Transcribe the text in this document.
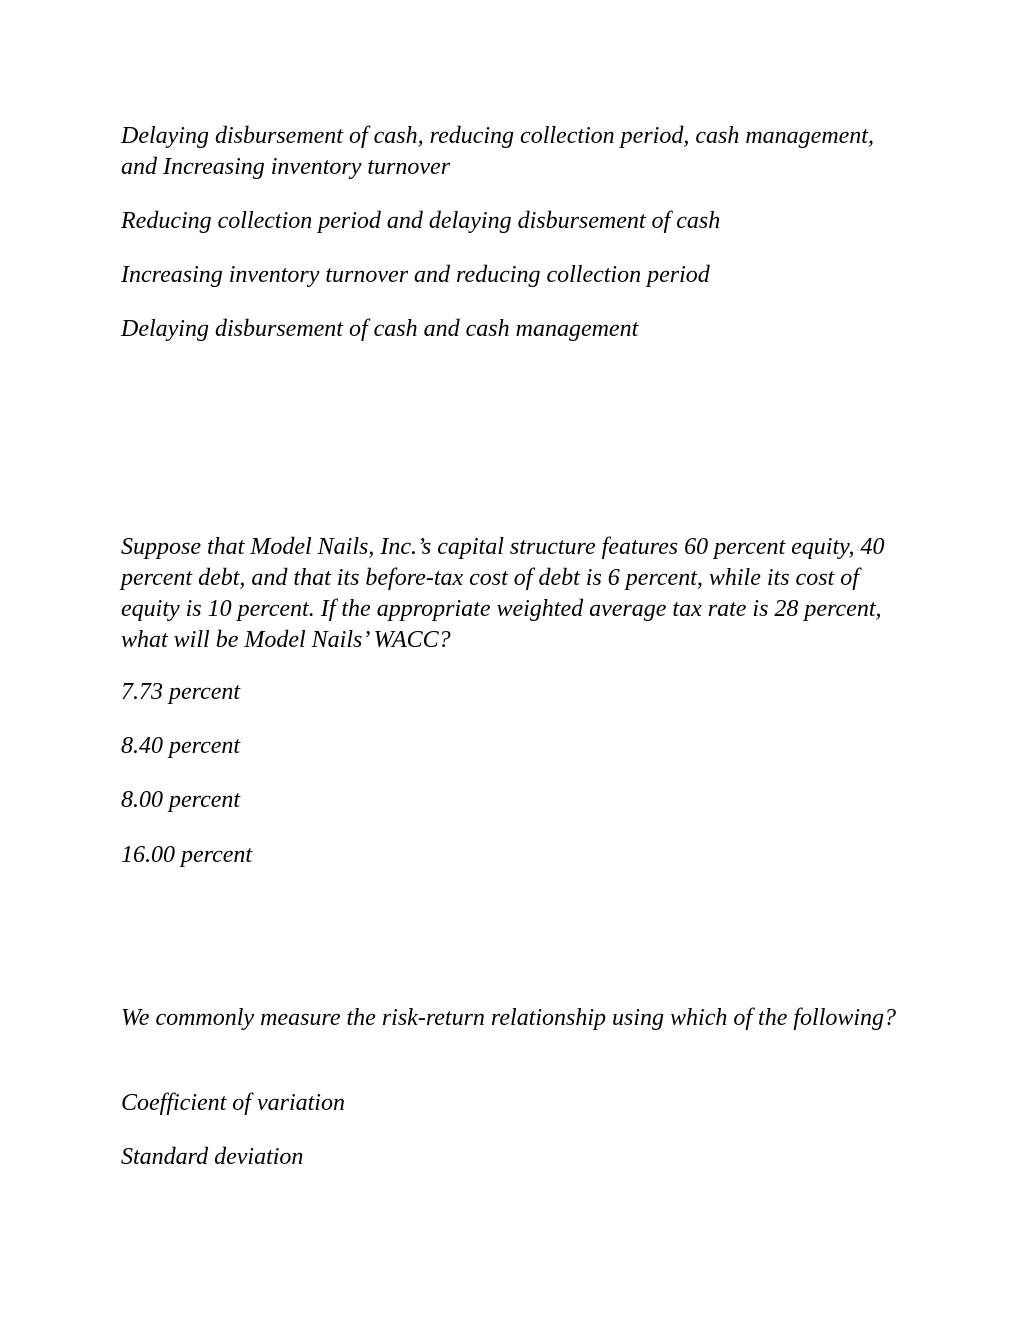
Delaying disbursement of cash, reducing collection period, cash management, and Increasing inventory turnover

Reducing collection period and delaying disbursement of cash

Increasing inventory turnover and reducing collection period

Delaying disbursement of cash and cash management

Suppose that Model Nails, Inc.’s capital structure features 60 percent equity, 40 percent debt, and that its before-tax cost of debt is 6 percent, while its cost of equity is 10 percent. If the appropriate weighted average tax rate is 28 percent, what will be Model Nails’ WACC?

7.73 percent

8.40 percent

8.00 percent

16.00 percent

We commonly measure the risk-return relationship using which of the following?

Coefficient of variation

Standard deviation
